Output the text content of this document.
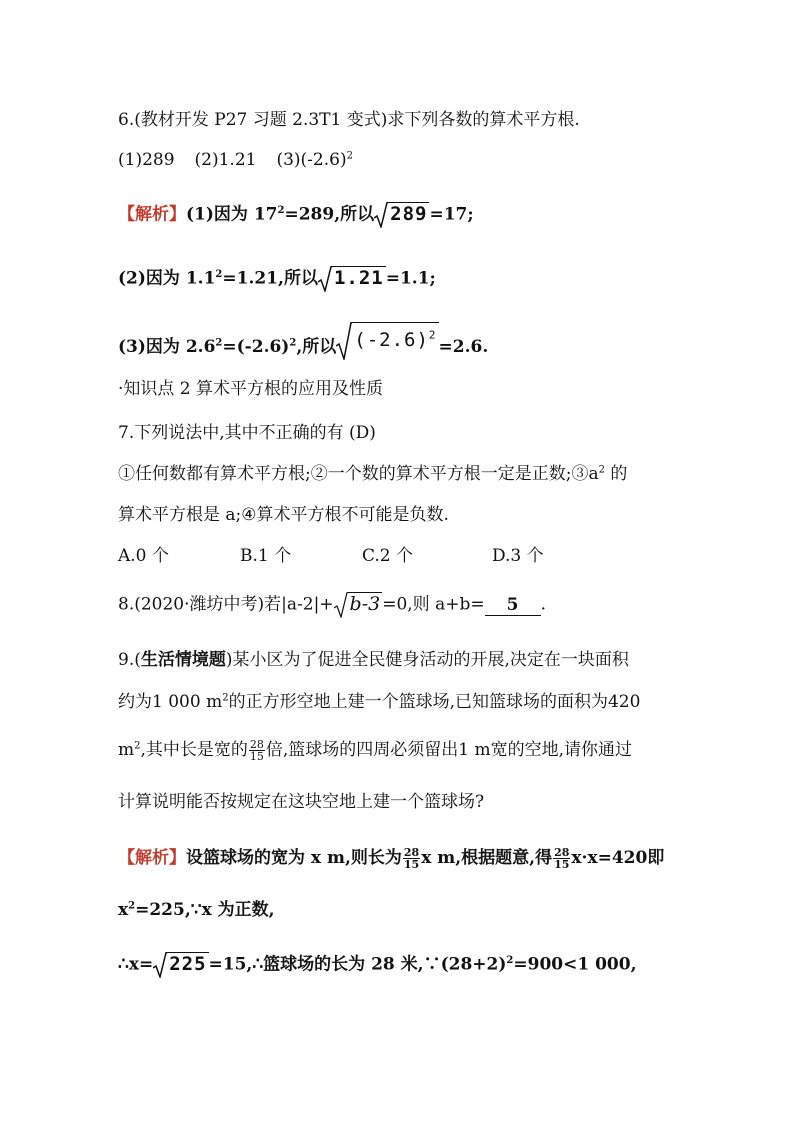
6.(教材开发 P27 习题 2.3T1 变式)求下列各数的算术平方根.
(1)289 (2)1.21 $(3)(-2.6)^2$
【解析】(1)因为 $17^2=289$,所以 289 =17;
(2)因为 $1.1^2=1.21$,所以 1.21 =1.1;
(3)因为 $2.6^2=(-2.6)^2$,所以 $(-2.6)^2$
=2.6.
·知识点 2 算术平方根的应用及性质
7.下列说法中,其中不正确的有 (D)
①任何数都有算术平方根;②一个数的算术平方根一定是正数$;③a^2$ 的
算术平方根是 a;④算术平方根不可能是负数.
A.0 个	B.1 个	C.2 个	D.3 个
8.(2020·潍坊中考)若|a-2|+ b-3 =0,则 a+b= 5 .
9.(生活情境题)某小区为了促进全民健身活动的开展,决定在一块面积
约为1 000 $m^2$的正方形空地上建一个篮球场,已知篮球场的面积为420
$m^2$,其中长是宽的 $\frac{28}{15}$ 倍,篮球场的四周必须留出1 m宽的空地,请你通过
计算说明能否按规定在这块空地上建一个篮球场?
【解析】设篮球场的宽为 x m,则长为 $\frac{28}{15}$ x m,根据题意,得 $\frac{28}{15} x\cdot x=420$即
$x^2=225,\because x$ 为正数,
∴x= 225 =15,∴篮球场的长为 28 米$,\because(28+2)^2=900<1$ 000,
